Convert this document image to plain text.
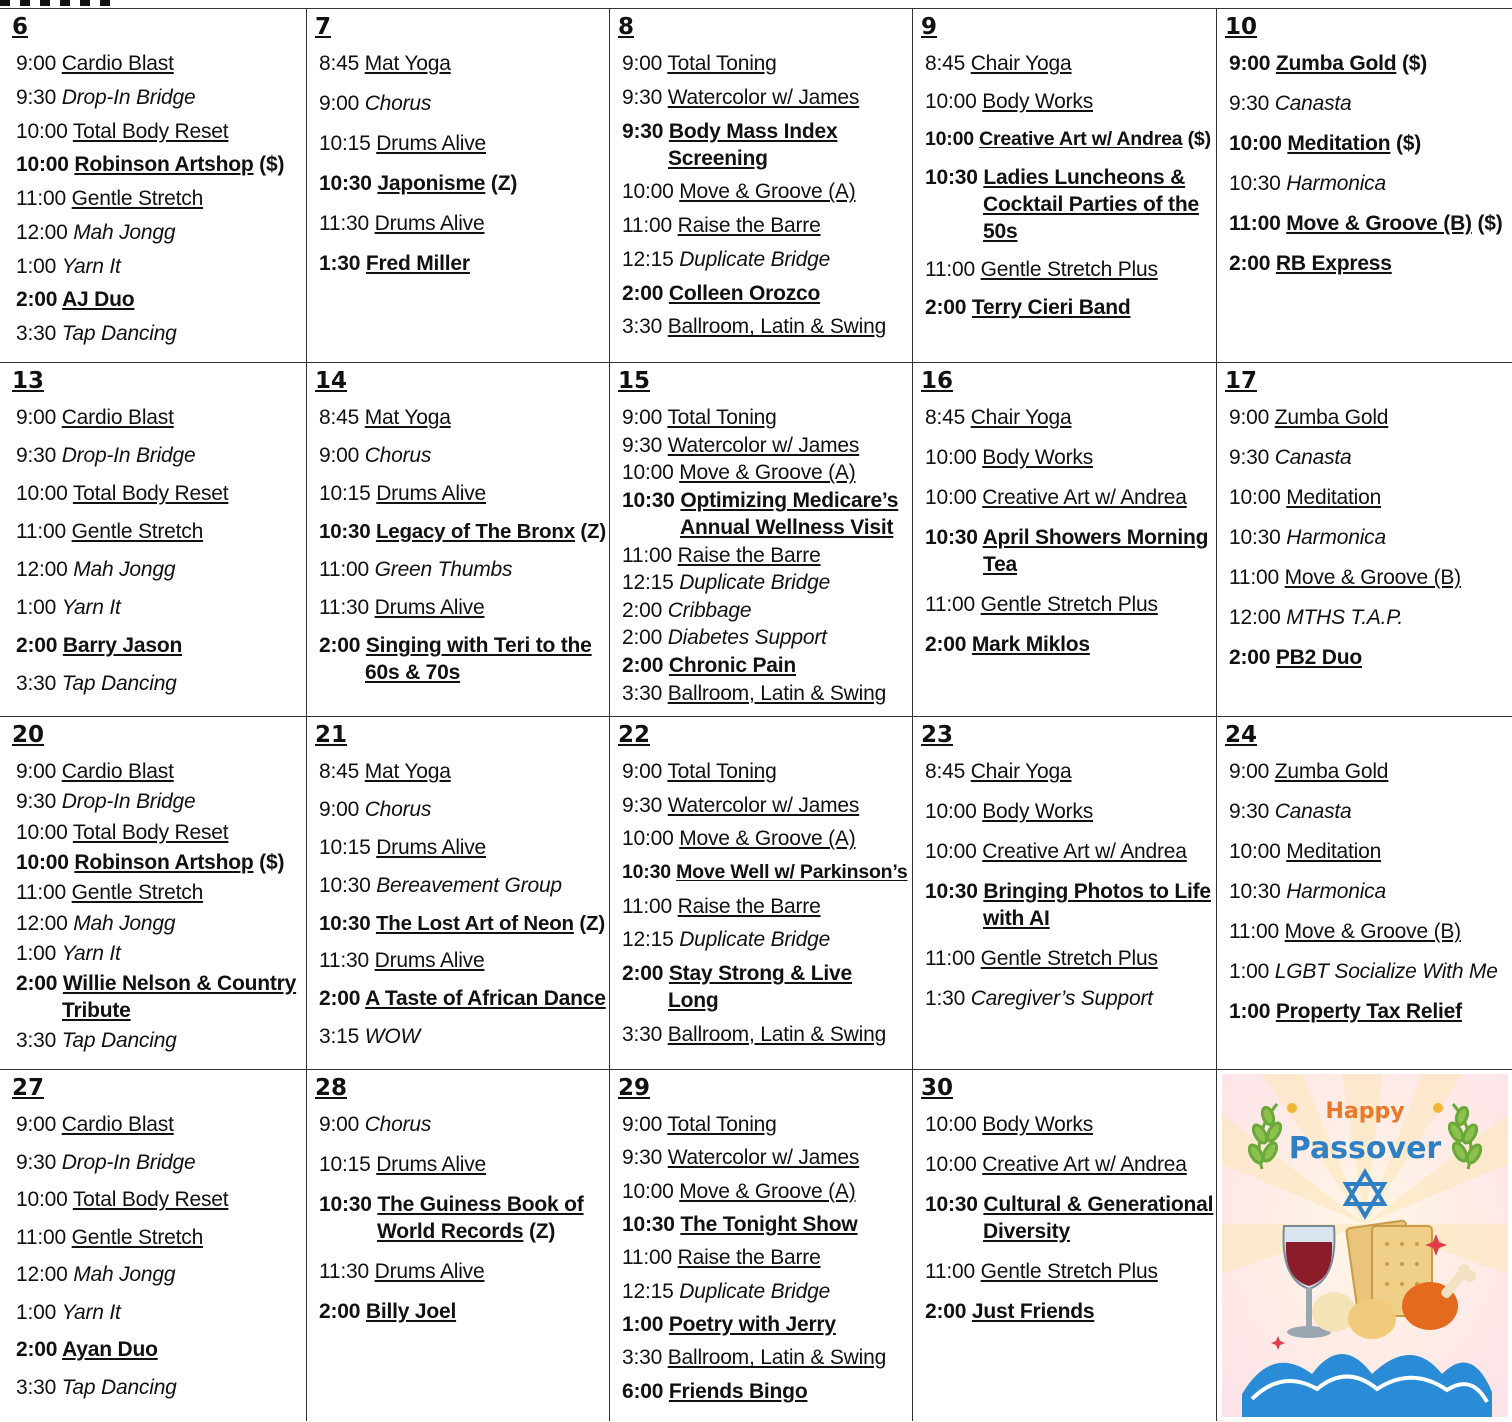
6
9:00 Cardio Blast
9:30 Drop-In Bridge
10:00 Total Body Reset
10:00 Robinson Artshop ($)
11:00 Gentle Stretch
12:00 Mah Jongg
1:00 Yarn It
2:00 AJ Duo
3:30 Tap Dancing
7
8:45 Mat Yoga
9:00 Chorus
10:15 Drums Alive
10:30 Japonisme (Z)
11:30 Drums Alive
1:30 Fred Miller
8
9:00 Total Toning
9:30 Watercolor w/ James
9:30 Body Mass Index
Screening
10:00 Move & Groove (A)
11:00 Raise the Barre
12:15 Duplicate Bridge
2:00 Colleen Orozco
3:30 Ballroom, Latin & Swing
9
8:45 Chair Yoga
10:00 Body Works
10:00 Creative Art w/ Andrea ($)
10:30 Ladies Luncheons &
Cocktail Parties of the
50s
11:00 Gentle Stretch Plus
2:00 Terry Cieri Band
10
9:00 Zumba Gold ($)
9:30 Canasta
10:00 Meditation ($)
10:30 Harmonica
11:00 Move & Groove (B) ($)
2:00 RB Express
13
9:00 Cardio Blast
9:30 Drop-In Bridge
10:00 Total Body Reset
11:00 Gentle Stretch
12:00 Mah Jongg
1:00 Yarn It
2:00 Barry Jason
3:30 Tap Dancing
14
8:45 Mat Yoga
9:00 Chorus
10:15 Drums Alive
10:30 Legacy of The Bronx (Z)
11:00 Green Thumbs
11:30 Drums Alive
2:00 Singing with Teri to the
60s & 70s
15
9:00 Total Toning
9:30 Watercolor w/ James
10:00 Move & Groove (A)
10:30 Optimizing Medicare’s
Annual Wellness Visit
11:00 Raise the Barre
12:15 Duplicate Bridge
2:00 Cribbage
2:00 Diabetes Support
2:00 Chronic Pain
3:30 Ballroom, Latin & Swing
16
8:45 Chair Yoga
10:00 Body Works
10:00 Creative Art w/ Andrea
10:30 April Showers Morning
Tea
11:00 Gentle Stretch Plus
2:00 Mark Miklos
17
9:00 Zumba Gold
9:30 Canasta
10:00 Meditation
10:30 Harmonica
11:00 Move & Groove (B)
12:00 MTHS T.A.P.
2:00 PB2 Duo
20
9:00 Cardio Blast
9:30 Drop-In Bridge
10:00 Total Body Reset
10:00 Robinson Artshop ($)
11:00 Gentle Stretch
12:00 Mah Jongg
1:00 Yarn It
2:00 Willie Nelson & Country
Tribute
3:30 Tap Dancing
21
8:45 Mat Yoga
9:00 Chorus
10:15 Drums Alive
10:30 Bereavement Group
10:30 The Lost Art of Neon (Z)
11:30 Drums Alive
2:00 A Taste of African Dance
3:15 WOW
22
9:00 Total Toning
9:30 Watercolor w/ James
10:00 Move & Groove (A)
10:30 Move Well w/ Parkinson’s
11:00 Raise the Barre
12:15 Duplicate Bridge
2:00 Stay Strong & Live
Long
3:30 Ballroom, Latin & Swing
23
8:45 Chair Yoga
10:00 Body Works
10:00 Creative Art w/ Andrea
10:30 Bringing Photos to Life
with AI
11:00 Gentle Stretch Plus
1:30 Caregiver’s Support
24
9:00 Zumba Gold
9:30 Canasta
10:00 Meditation
10:30 Harmonica
11:00 Move & Groove (B)
1:00 LGBT Socialize With Me
1:00 Property Tax Relief
27
9:00 Cardio Blast
9:30 Drop-In Bridge
10:00 Total Body Reset
11:00 Gentle Stretch
12:00 Mah Jongg
1:00 Yarn It
2:00 Ayan Duo
3:30 Tap Dancing
28
9:00 Chorus
10:15 Drums Alive
10:30 The Guiness Book of
World Records (Z)
11:30 Drums Alive
2:00 Billy Joel
29
9:00 Total Toning
9:30 Watercolor w/ James
10:00 Move & Groove (A)
10:30 The Tonight Show
11:00 Raise the Barre
12:15 Duplicate Bridge
1:00 Poetry with Jerry
3:30 Ballroom, Latin & Swing
6:00 Friends Bingo
30
10:00 Body Works
10:00 Creative Art w/ Andrea
10:30 Cultural & Generational
Diversity
11:00 Gentle Stretch Plus
2:00 Just Friends
Happy
Passover
